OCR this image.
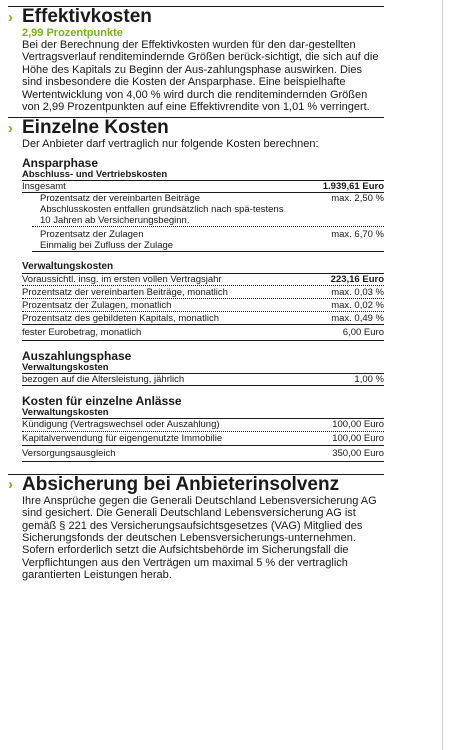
› Effektivkosten
2,99 Prozentpunkte
Bei der Berechnung der Effektivkosten wurden für den dar-gestellten Vertragsverlauf renditemindernde Größen berück-sichtigt, die sich auf die Höhe des Kapitals zu Beginn der Aus-zahlungsphase auswirken. Dies sind insbesondere die Kosten der Ansparphase. Eine beispielhafte Wertentwicklung von 4,00 % wird durch die renditemindernden Größen von 2,99 Prozentpunkten auf eine Effektivrendite von 1,01 % verringert.
› Einzelne Kosten
Der Anbieter darf vertraglich nur folgende Kosten berechnen:
Ansparphase
Abschluss- und Vertriebskosten
Insgesamt	1.939,61 Euro
Prozentsatz der vereinbarten Beiträge	max. 2,50 %
Abschlusskosten entfallen grundsätzlich nach spä-testens 10 Jahren ab Versicherungsbeginn.
Prozentsatz der Zulagen	max. 6,70 %
Einmalig bei Zufluss der Zulage
Verwaltungskosten
Voraussichtl. insg. im ersten vollen Vertragsjahr	223,16 Euro
Prozentsatz der vereinbarten Beiträge, monatlich	max. 0,03 %
Prozentsatz der Zulagen, monatlich	max. 0,02 %
Prozentsatz des gebildeten Kapitals, monatlich	max. 0,49 %
fester Eurobetrag, monatlich	6,00 Euro
Auszahlungsphase
Verwaltungskosten
bezogen auf die Altersleistung, jährlich	1,00 %
Kosten für einzelne Anlässe
Verwaltungskosten
Kündigung (Vertragswechsel oder Auszahlung)	100,00 Euro
Kapitalverwendung für eigengenutzte Immobilie	100,00 Euro
Versorgungsausgleich	350,00 Euro
› Absicherung bei Anbieterinsolvenz
Ihre Ansprüche gegen die Generali Deutschland Lebensversicherung AG sind gesichert. Die Generali Deutschland Lebensversicherung AG ist gemäß § 221 des Versicherungsaufsichtsgesetzes (VAG) Mitglied des Sicherungsfonds der deutschen Lebensversicherungs-unternehmen. Sofern erforderlich setzt die Aufsichtsbehörde im Sicherungsfall die Verpflichtungen aus den Verträgen um maximal 5 % der vertraglich garantierten Leistungen herab.
